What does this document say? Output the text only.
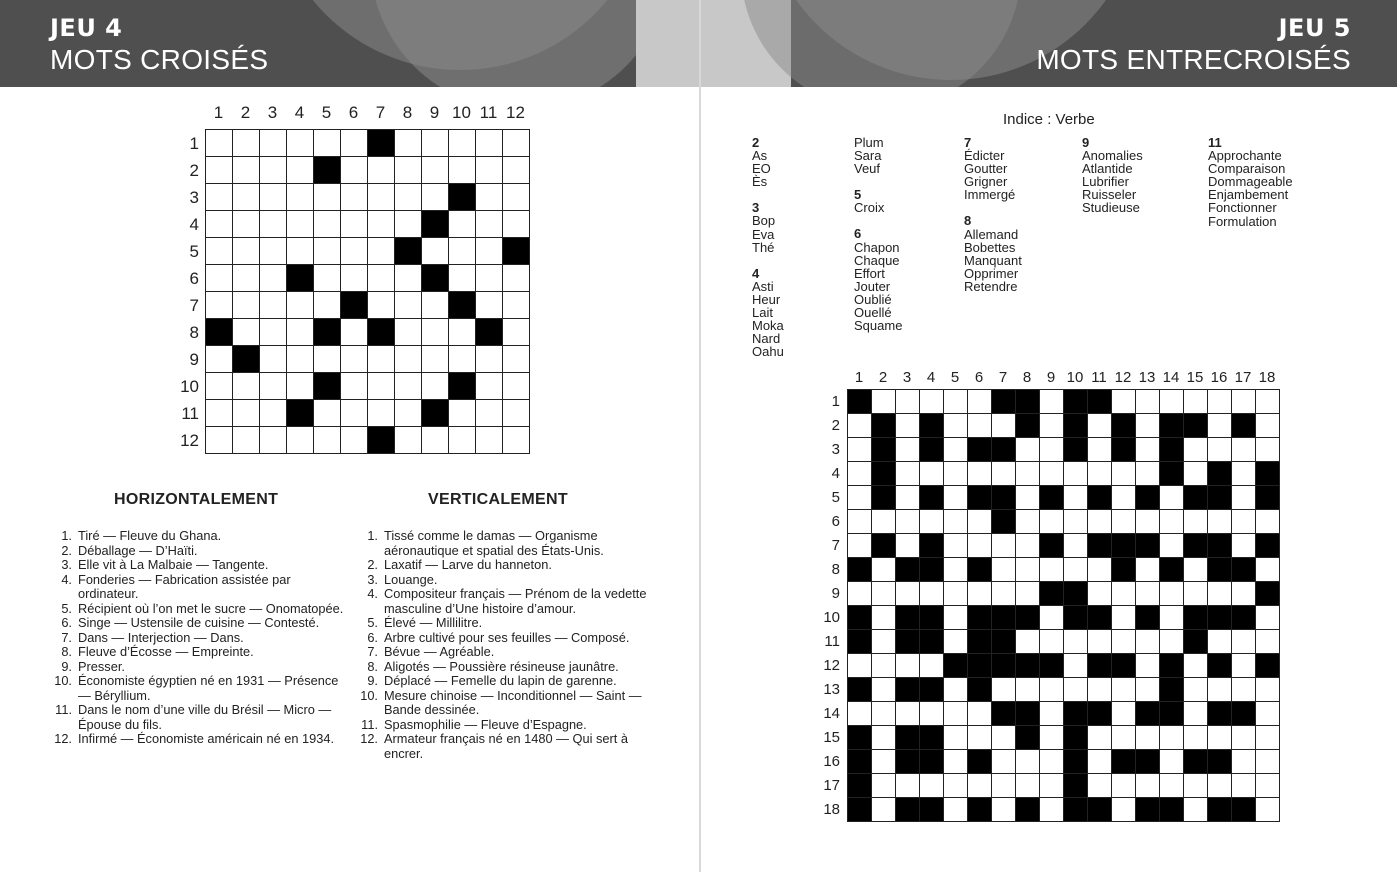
JEU 4
MOTS CROISÉS
1	2	3	4	5	6	7	8	9 10 11 12
1
2
3
4
5
6
7
8
9
10
11
12

HORIZONTALEMENT	VERTICALEMENT
1. Tiré — Fleuve du Ghana.
2. Déballage — D’Haïti.
3. Elle vit à La Malbaie — Tangente.
4. Fonderies — Fabrication assistée par ordinateur.
5. Récipient où l’on met le sucre — Onomatopée.
6. Singe — Ustensile de cuisine — Contesté.
7. Dans — Interjection — Dans.
8. Fleuve d’Écosse — Empreinte.
9. Presser.
10. Économiste égyptien né en 1931 — Présence — Béryllium.
11. Dans le nom d’une ville du Brésil — Micro — Épouse du fils.
12. Infirmé — Économiste américain né en 1934.
1. Tissé comme le damas — Organisme aéronautique et spatial des États-Unis.
2. Laxatif — Larve du hanneton.
3. Louange.
4. Compositeur français — Prénom de la vedette masculine d’Une histoire d’amour.
5. Élevé — Millilitre.
6. Arbre cultivé pour ses feuilles — Composé.
7. Bévue — Agréable.
8. Aligotés — Poussière résineuse jaunâtre.
9. Déplacé — Femelle du lapin de garenne.
10. Mesure chinoise — Inconditionnel — Saint — Bande dessinée.
11. Spasmophilie — Fleuve d’Espagne.
12. Armateur français né en 1480 — Qui sert à encrer.
JEU 5
MOTS ENTRECROISÉS
Indice : Verbe
2
As
EO
Ès
3
Bop
Eva
Thé
4
Asti
Heur
Lait
Moka
Nard
Oahu
Plum
Sara
Veuf
5
Croix
6
Chapon
Chaque
Effort
Jouter
Oublié
Ouellé
Squame
7
Édicter
Goutter
Grigner
Immergé
8
Allemand
Bobettes
Manquant
Opprimer
Retendre
9
Anomalies
Atlantide
Lubrifier
Ruisseler
Studieuse
11
Approchante
Comparaison
Dommageable
Enjambement
Fonctionner
Formulation
1	2	3	4	5	6	7	8	9 10 11 12 13 14 15 16 17 18
1
2
3
4
5
6
7
8
9
10
11
12
13
14
15
16
17
18
